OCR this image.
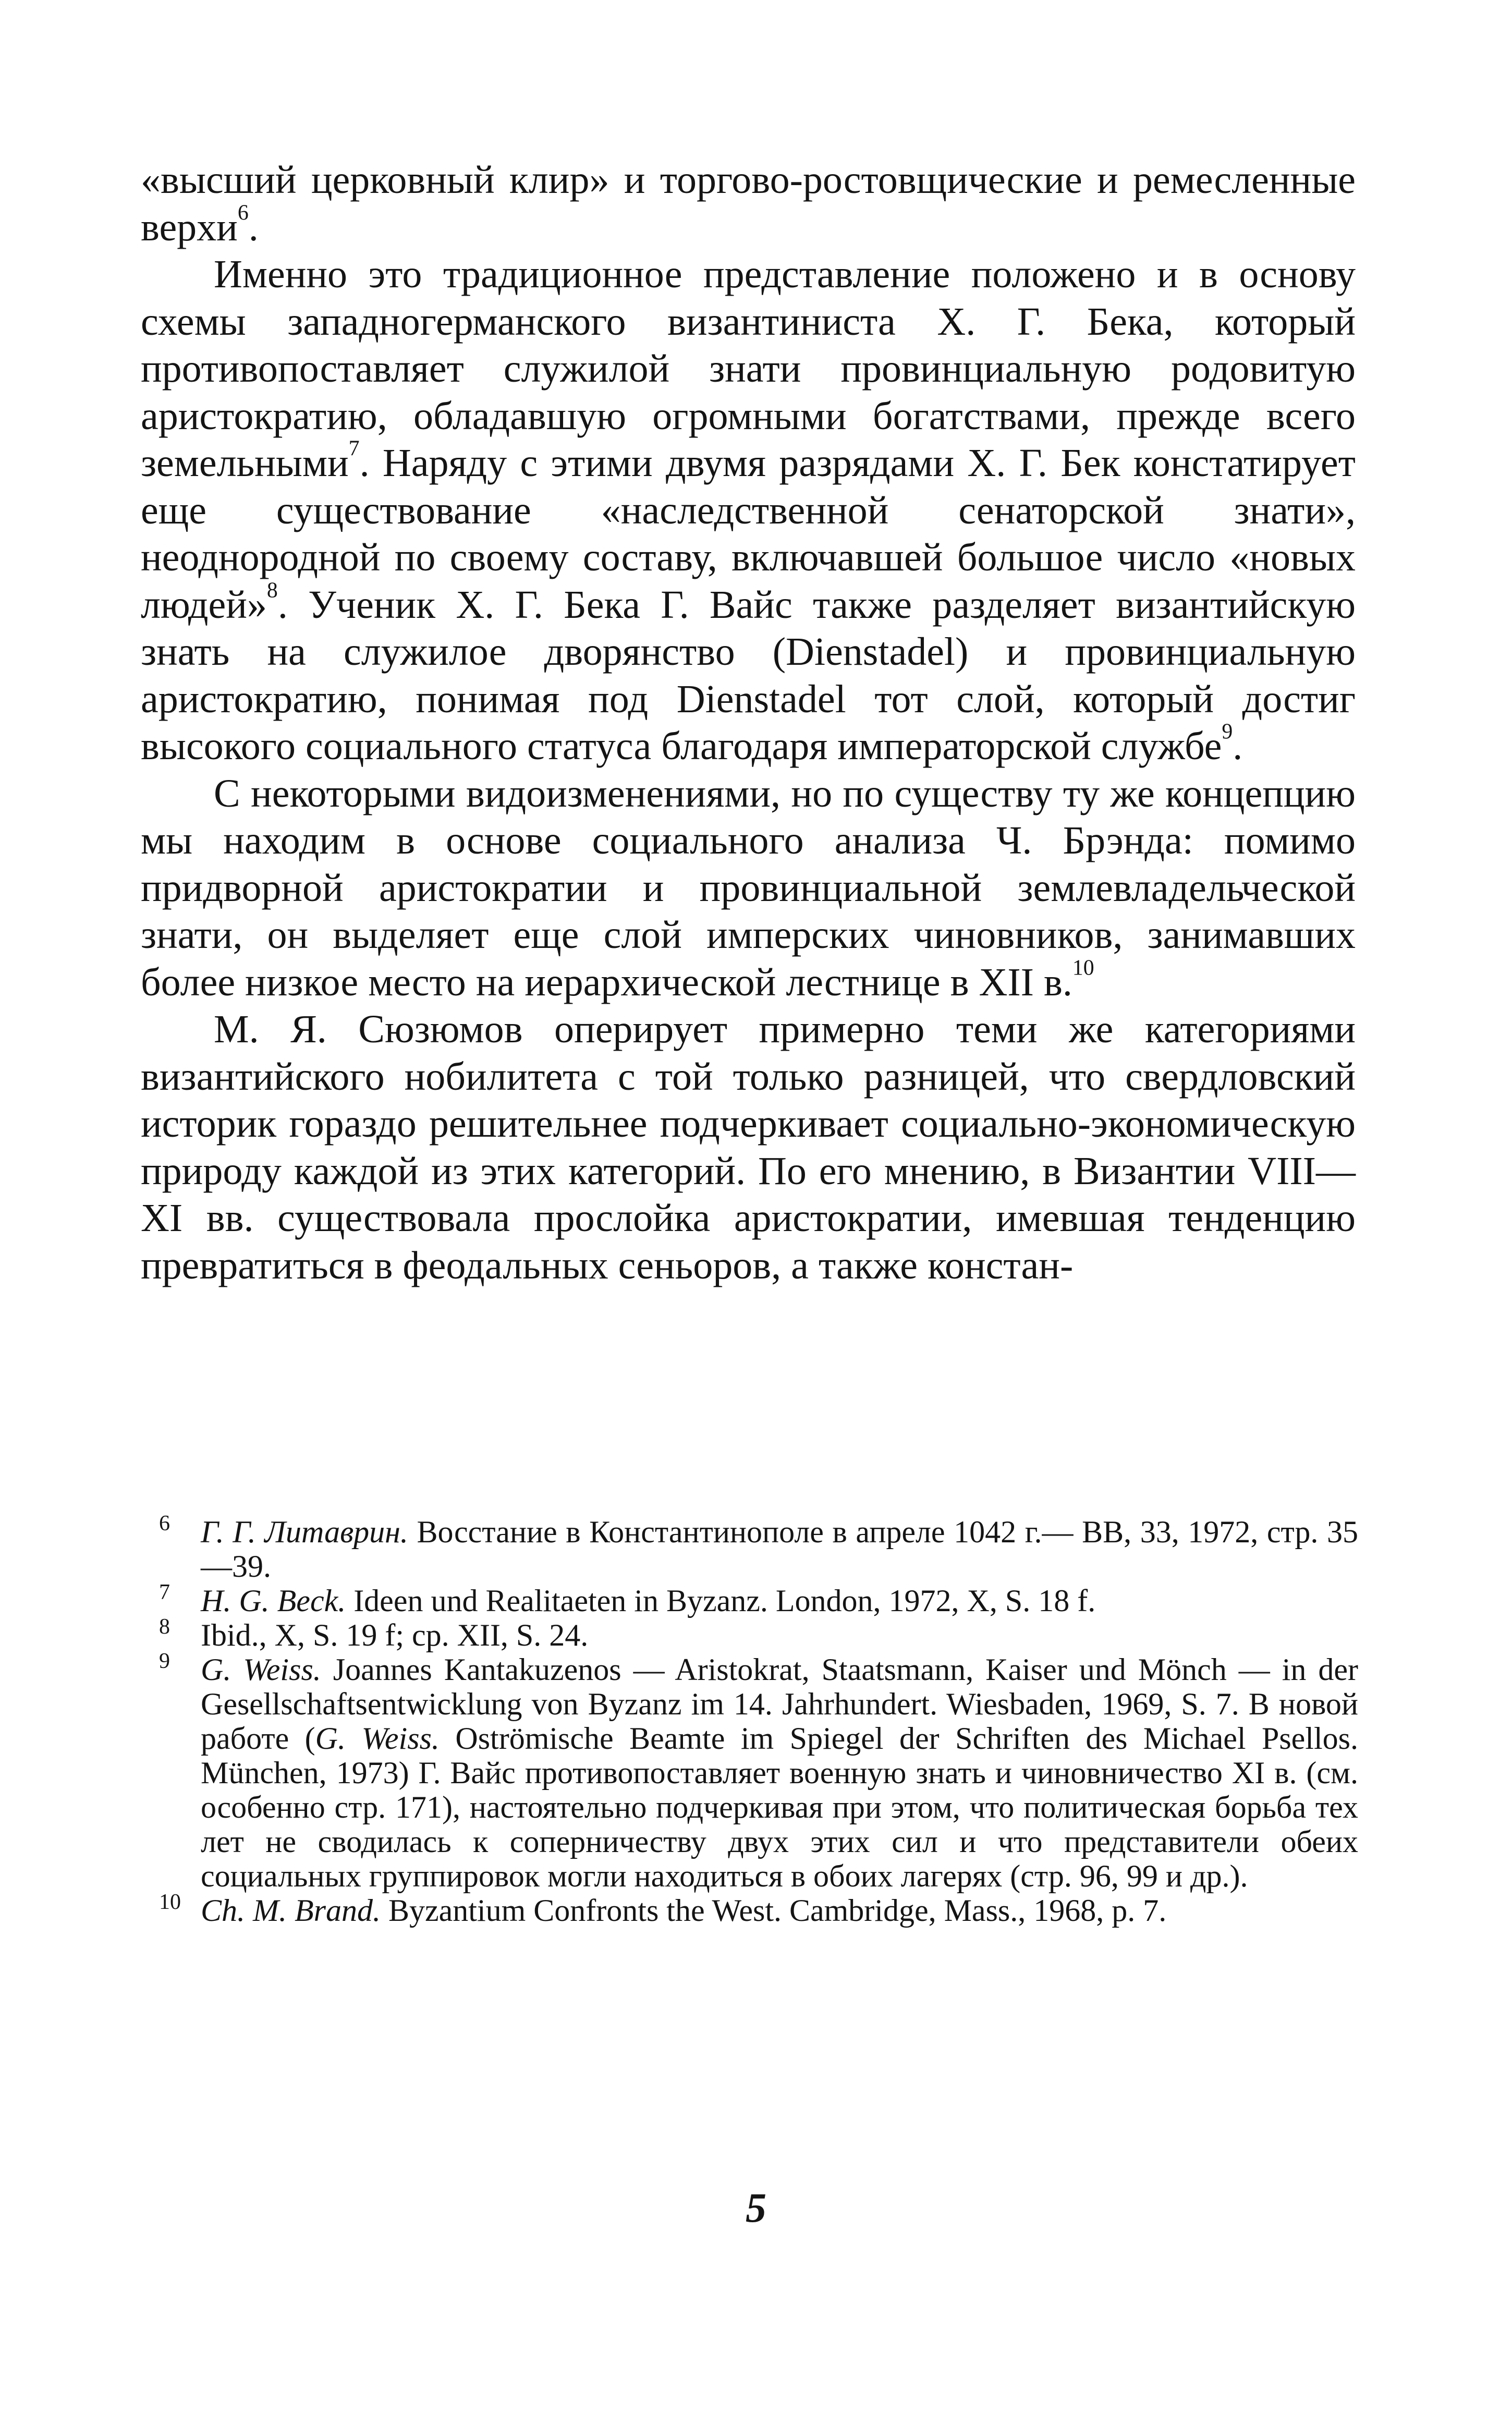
«высший церковный клир» и торгово-ростовщические и ремесленные верхи$^6$.

Именно это традиционное представление положено и в основу схемы западногерманского византиниста Х. Г. Бека, который противопоставляет служилой знати провинциальную родовитую аристократию, обладавшую огромными богатствами, прежде всего земельными$^7$. Наряду с этими двумя разрядами Х. Г. Бек констатирует еще существование «наследственной сенаторской знати», неоднородной по своему составу, включавшей большое число «новых людей»$^8$. Ученик Х. Г. Бека Г. Вайс также разделяет византийскую знать на служилое дворянство (Dienstadel) и провинциальную аристократию, понимая под Dienstadel тот слой, который достиг высокого социального статуса благодаря императорской службе$^9$.

С некоторыми видоизменениями, но по существу ту же концепцию мы находим в основе социального анализа Ч. Брэнда: помимо придворной аристократии и провинциальной землевладельческой знати, он выделяет еще слой имперских чиновников, занимавших более низкое место на иерархической лестнице в XII в.$^{10}$

М. Я. Сюзюмов оперирует примерно теми же категориями византийского нобилитета с той только разницей, что свердловский историк гораздо решительнее подчеркивает социально-экономическую природу каждой из этих категорий. По его мнению, в Византии VIII—XI вв. существовала прослойка аристократии, имевшая тенденцию превратиться в феодальных сеньоров, а также констан-

$^6$ Г. Г. Литаврин. Восстание в Константинополе в апреле 1042 г.— ВВ, 33, 1972, стр. 35—39.

$^7$ H. G. Beck. Ideen und Realitaeten in Byzanz. London, 1972, X, S. 18 f.

$^8$ Ibid., X, S. 19 f; cp. XII, S. 24.

$^9$ G. Weiss. Joannes Kantakuzenos — Aristokrat, Staatsmann, Kaiser und Mönch — in der Gesellschaftsentwicklung von Byzanz im 14. Jahrhundert. Wiesbaden, 1969, S. 7. В новой работе (G. Weiss. Oströmische Beamte im Spiegel der Schriften des Michael Psellos. München, 1973) Г. Вайс противопоставляет военную знать и чиновничество XI в. (см. особенно стр. 171), настоятельно подчеркивая при этом, что политическая борьба тех лет не сводилась к соперничеству двух этих сил и что представители обеих социальных группировок могли находиться в обоих лагерях (стр. 96, 99 и др.).

$^{10}$ Ch. M. Brand. Byzantium Confronts the West. Cambridge, Mass., 1968, p. 7.

5
